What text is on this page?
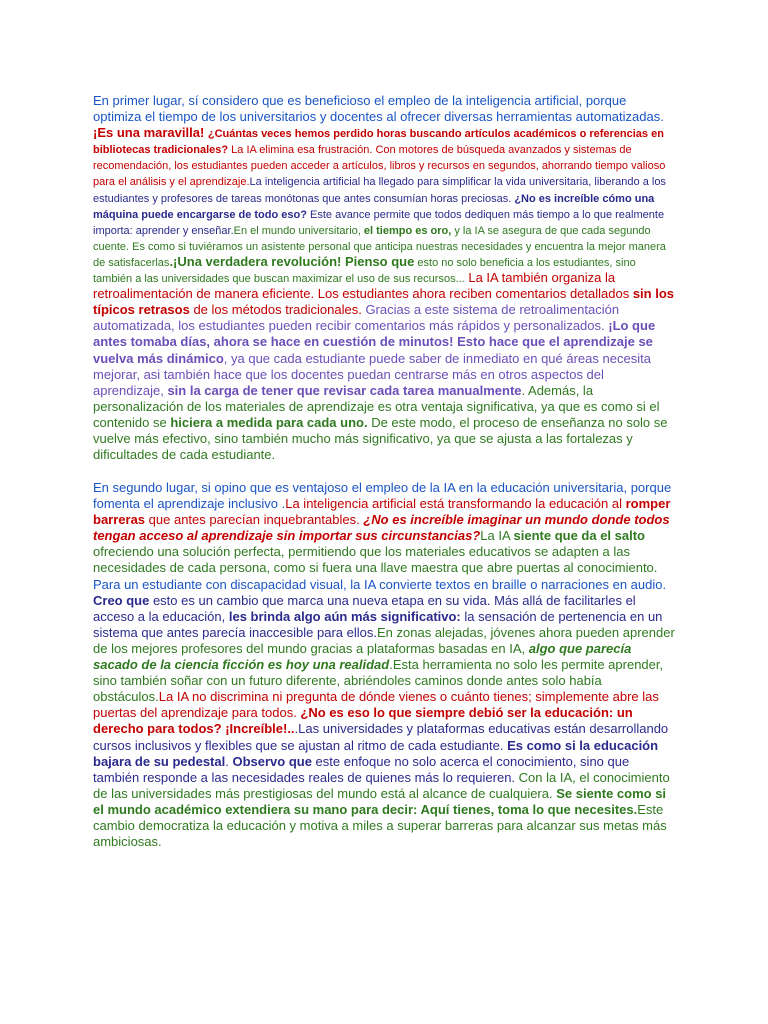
En primer lugar, sí considero que es beneficioso el empleo de la inteligencia artificial, porque optimiza el tiempo de los universitarios y docentes al ofrecer diversas herramientas automatizadas. ¡Es una maravilla! ¿Cuántas veces hemos perdido horas buscando artículos académicos o referencias en bibliotecas tradicionales? La IA elimina esa frustración. Con motores de búsqueda avanzados y sistemas de recomendación, los estudiantes pueden acceder a artículos, libros y recursos en segundos, ahorrando tiempo valioso para el análisis y el aprendizaje.La inteligencia artificial ha llegado para simplificar la vida universitaria, liberando a los estudiantes y profesores de tareas monótonas que antes consumían horas preciosas. ¿No es increíble cómo una máquina puede encargarse de todo eso? Este avance permite que todos dediquen más tiempo a lo que realmente importa: aprender y enseñar.En el mundo universitario, el tiempo es oro, y la IA se asegura de que cada segundo cuente. Es como si tuviéramos un asistente personal que anticipa nuestras necesidades y encuentra la mejor manera de satisfacerlas.¡Una verdadera revolución! Pienso que esto no solo beneficia a los estudiantes, sino también a las universidades que buscan maximizar el uso de sus recursos... La IA también organiza la retroalimentación de manera eficiente. Los estudiantes ahora reciben comentarios detallados sin los típicos retrasos de los métodos tradicionales. Gracias a este sistema de retroalimentación automatizada, los estudiantes pueden recibir comentarios más rápidos y personalizados. ¡Lo que antes tomaba días, ahora se hace en cuestión de minutos! Esto hace que el aprendizaje se vuelva más dinámico, ya que cada estudiante puede saber de inmediato en qué áreas necesita mejorar, asi también hace que los docentes puedan centrarse más en otros aspectos del aprendizaje, sin la carga de tener que revisar cada tarea manualmente. Además, la personalización de los materiales de aprendizaje es otra ventaja significativa, ya que es como si el contenido se hiciera a medida para cada uno. De este modo, el proceso de enseñanza no solo se vuelve más efectivo, sino también mucho más significativo, ya que se ajusta a las fortalezas y dificultades de cada estudiante.

En segundo lugar, si opino que es ventajoso el empleo de la IA en la educación universitaria, porque fomenta el aprendizaje inclusivo .La inteligencia artificial está transformando la educación al romper barreras que antes parecían inquebrantables. ¿No es increíble imaginar un mundo donde todos tengan acceso al aprendizaje sin importar sus circunstancias?La IA siente que da el salto ofreciendo una solución perfecta, permitiendo que los materiales educativos se adapten a las necesidades de cada persona, como si fuera una llave maestra que abre puertas al conocimiento. Para un estudiante con discapacidad visual, la IA convierte textos en braille o narraciones en audio. Creo que esto es un cambio que marca una nueva etapa en su vida. Más allá de facilitarles el acceso a la educación, les brinda algo aún más significativo: la sensación de pertenencia en un sistema que antes parecía inaccesible para ellos.En zonas alejadas, jóvenes ahora pueden aprender de los mejores profesores del mundo gracias a plataformas basadas en IA, algo que parecía sacado de la ciencia ficción es hoy una realidad.Esta herramienta no solo les permite aprender, sino también soñar con un futuro diferente, abriéndoles caminos donde antes solo había obstáculos.La IA no discrimina ni pregunta de dónde vienes o cuánto tienes; simplemente abre las puertas del aprendizaje para todos. ¿No es eso lo que siempre debió ser la educación: un derecho para todos? ¡Increíble!...Las universidades y plataformas educativas están desarrollando cursos inclusivos y flexibles que se ajustan al ritmo de cada estudiante. Es como si la educación bajara de su pedestal. Observo que este enfoque no solo acerca el conocimiento, sino que también responde a las necesidades reales de quienes más lo requieren. Con la IA, el conocimiento de las universidades más prestigiosas del mundo está al alcance de cualquiera. Se siente como si el mundo académico extendiera su mano para decir: Aquí tienes, toma lo que necesites.Este cambio democratiza la educación y motiva a miles a superar barreras para alcanzar sus metas más ambiciosas.
